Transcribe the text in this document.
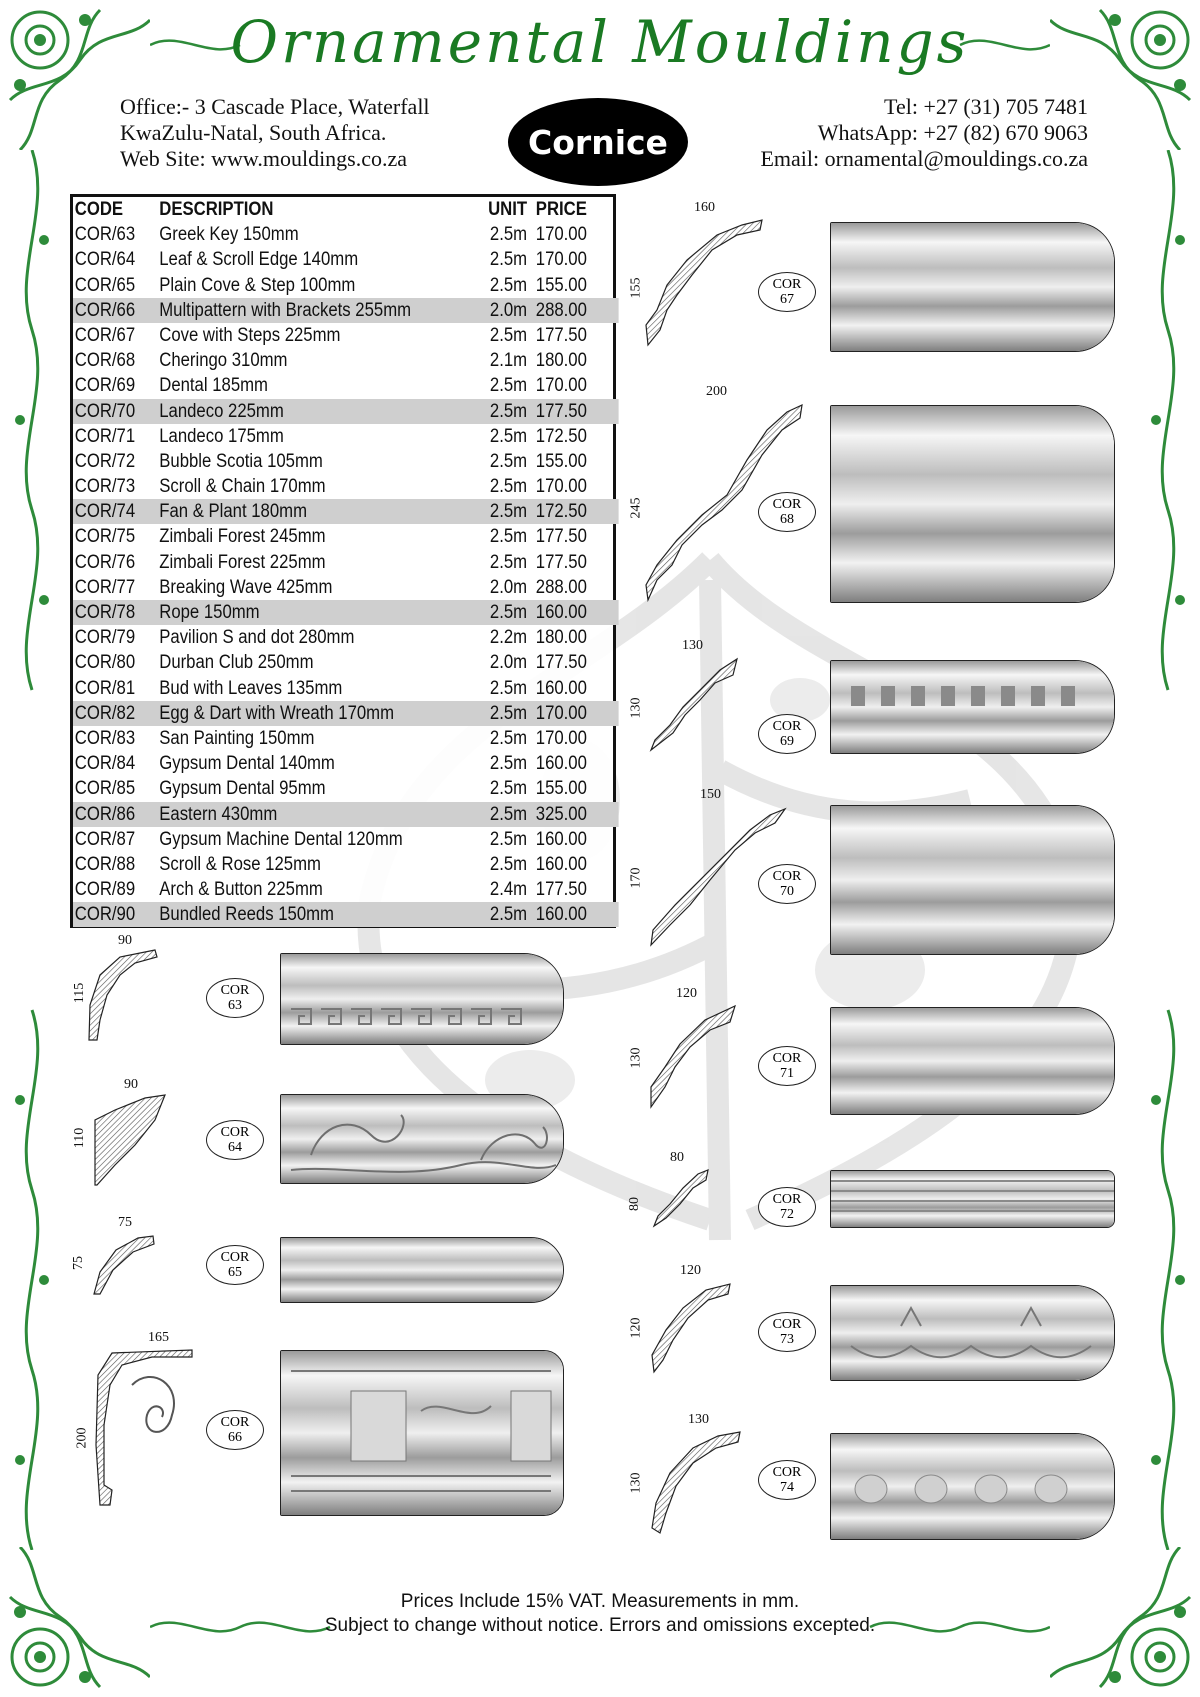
Ornamental Mouldings
Office:- 3 Cascade Place, Waterfall
KwaZulu-Natal, South Africa.
Web Site: www.mouldings.co.za	Cornice
Tel: +27 (31) 705 7481
WhatsApp: +27 (82) 670 9063
Email: ornamental@mouldings.co.za
CODE	DESCRIPTION	UNIT PRICE
COR/63	Greek Key 150mm	2.5m 170.00
COR/64	Leaf & Scroll Edge 140mm	2.5m 170.00
COR/65	Plain Cove & Step 100mm	2.5m 155.00
COR/66	Multipattern with Brackets 255mm	2.0m 288.00
COR/67	Cove with Steps 225mm	2.5m 177.50
COR/68	Cheringo 310mm	2.1m 180.00
COR/69	Dental 185mm	2.5m 170.00
COR/70	Landeco 225mm	2.5m 177.50
COR/71	Landeco 175mm	2.5m 172.50
COR/72	Bubble Scotia 105mm	2.5m 155.00
COR/73	Scroll & Chain 170mm	2.5m 170.00
COR/74	Fan & Plant 180mm	2.5m 172.50
COR/75	Zimbali Forest 245mm	2.5m 177.50
COR/76	Zimbali Forest 225mm	2.5m 177.50
COR/77	Breaking Wave 425mm	2.0m 288.00
COR/78	Rope 150mm	2.5m 160.00
COR/79	Pavilion S and dot 280mm	2.2m 180.00
COR/80	Durban Club 250mm	2.0m 177.50
COR/81	Bud with Leaves 135mm	2.5m 160.00
COR/82	Egg & Dart with Wreath 170mm	2.5m 170.00
COR/83	San Painting 150mm	2.5m 170.00
COR/84	Gypsum Dental 140mm	2.5m 160.00
COR/85	Gypsum Dental 95mm	2.5m 155.00
COR/86	Eastern 430mm	2.5m 325.00
COR/87	Gypsum Machine Dental 120mm	2.5m 160.00
COR/88	Scroll & Rose 125mm	2.5m 160.00
COR/89	Arch & Button 225mm	2.4m 177.50
COR/90	Bundled Reeds 150mm	2.5m 160.00
90
115	COR
63
90
110	COR
64
75
75	COR
65
165
200
COR
66
160
155	COR
67
200
245	COR
68
130
130
COR
69
150
170	COR
70
120
130	COR
71
80
80	COR
72
120
120	COR
73
130
130	COR
74
Prices Include 15% VAT. Measurements in mm.
Subject to change without notice. Errors and omissions excepted.
